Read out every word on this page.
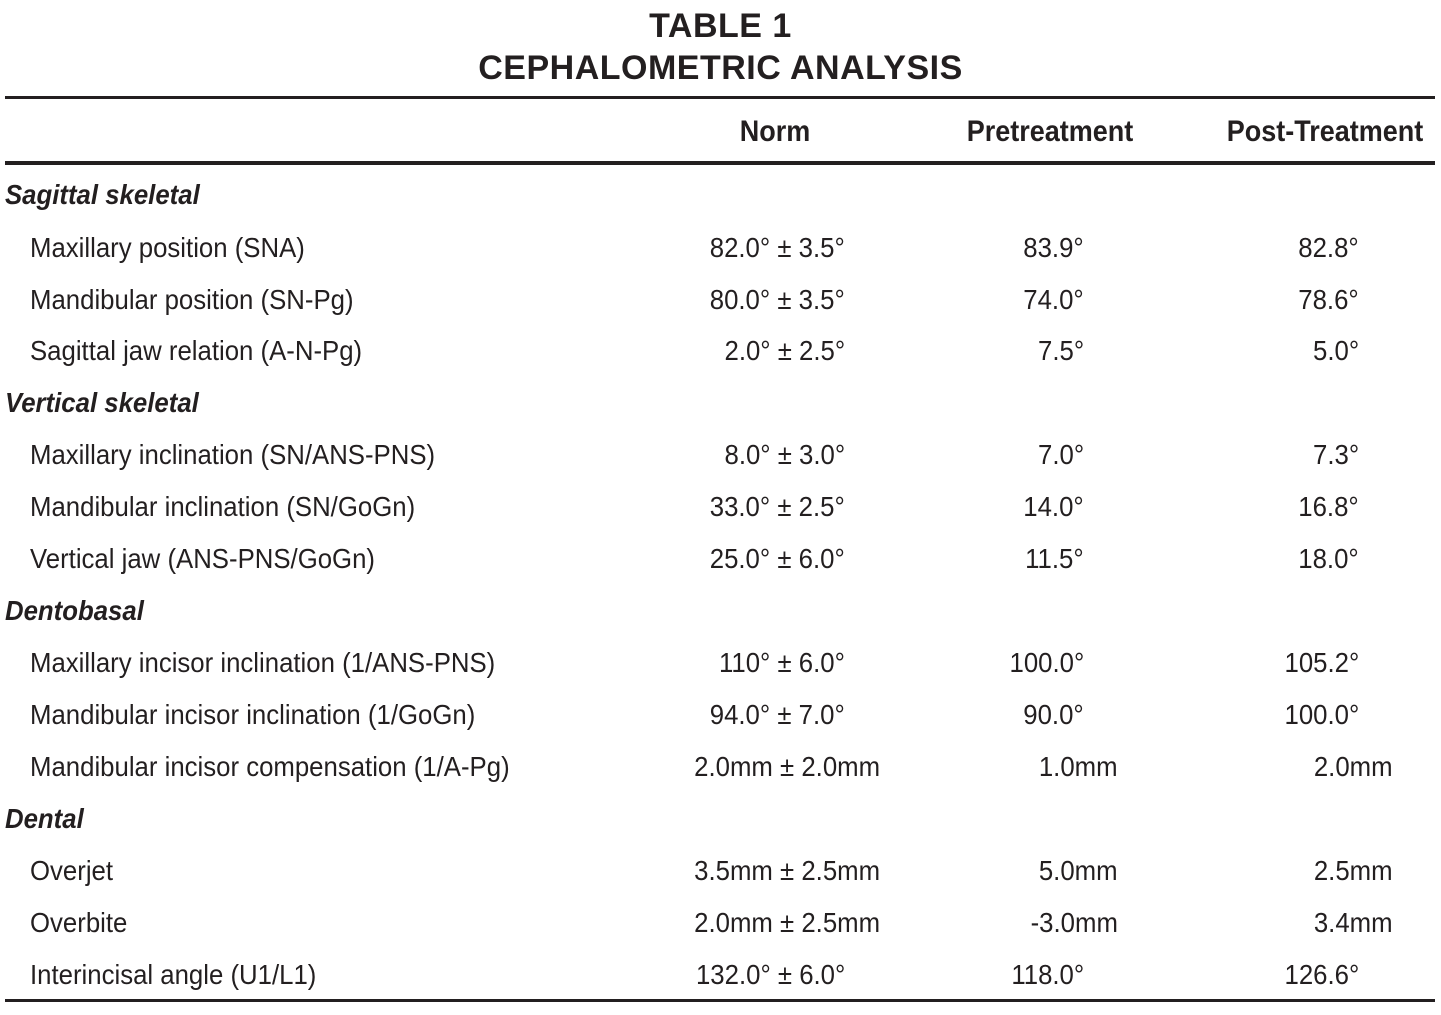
TABLE 1
CEPHALOMETRIC ANALYSIS
Norm	Pretreatment	Post-Treatment
Sagittal skeletal
Maxillary position (SNA)	82.0° ± 3.5°	83.9°	82.8°
Mandibular position (SN-Pg)	80.0° ± 3.5°	74.0°	78.6°
Sagittal jaw relation (A-N-Pg)	2.0° ± 2.5°	7.5°	5.0°
Vertical skeletal
Maxillary inclination (SN/ANS-PNS)	8.0° ± 3.0°	7.0°	7.3°
Mandibular inclination (SN/GoGn)	33.0° ± 2.5°	14.0°	16.8°
Vertical jaw (ANS-PNS/GoGn)	25.0° ± 6.0°	11.5°	18.0°
Dentobasal
Maxillary incisor inclination (1/ANS-PNS)	110° ± 6.0°	100.0°	105.2°
Mandibular incisor inclination (1/GoGn)	94.0° ± 7.0°	90.0°	100.0°
Mandibular incisor compensation (1/A-Pg)	2.0mm ± 2.0mm	1.0mm	2.0mm
Dental
Overjet	3.5mm ± 2.5mm	5.0mm	2.5mm
Overbite	2.0mm ± 2.5mm	-3.0mm	3.4mm
Interincisal angle (U1/L1)	132.0° ± 6.0°	118.0°	126.6°
